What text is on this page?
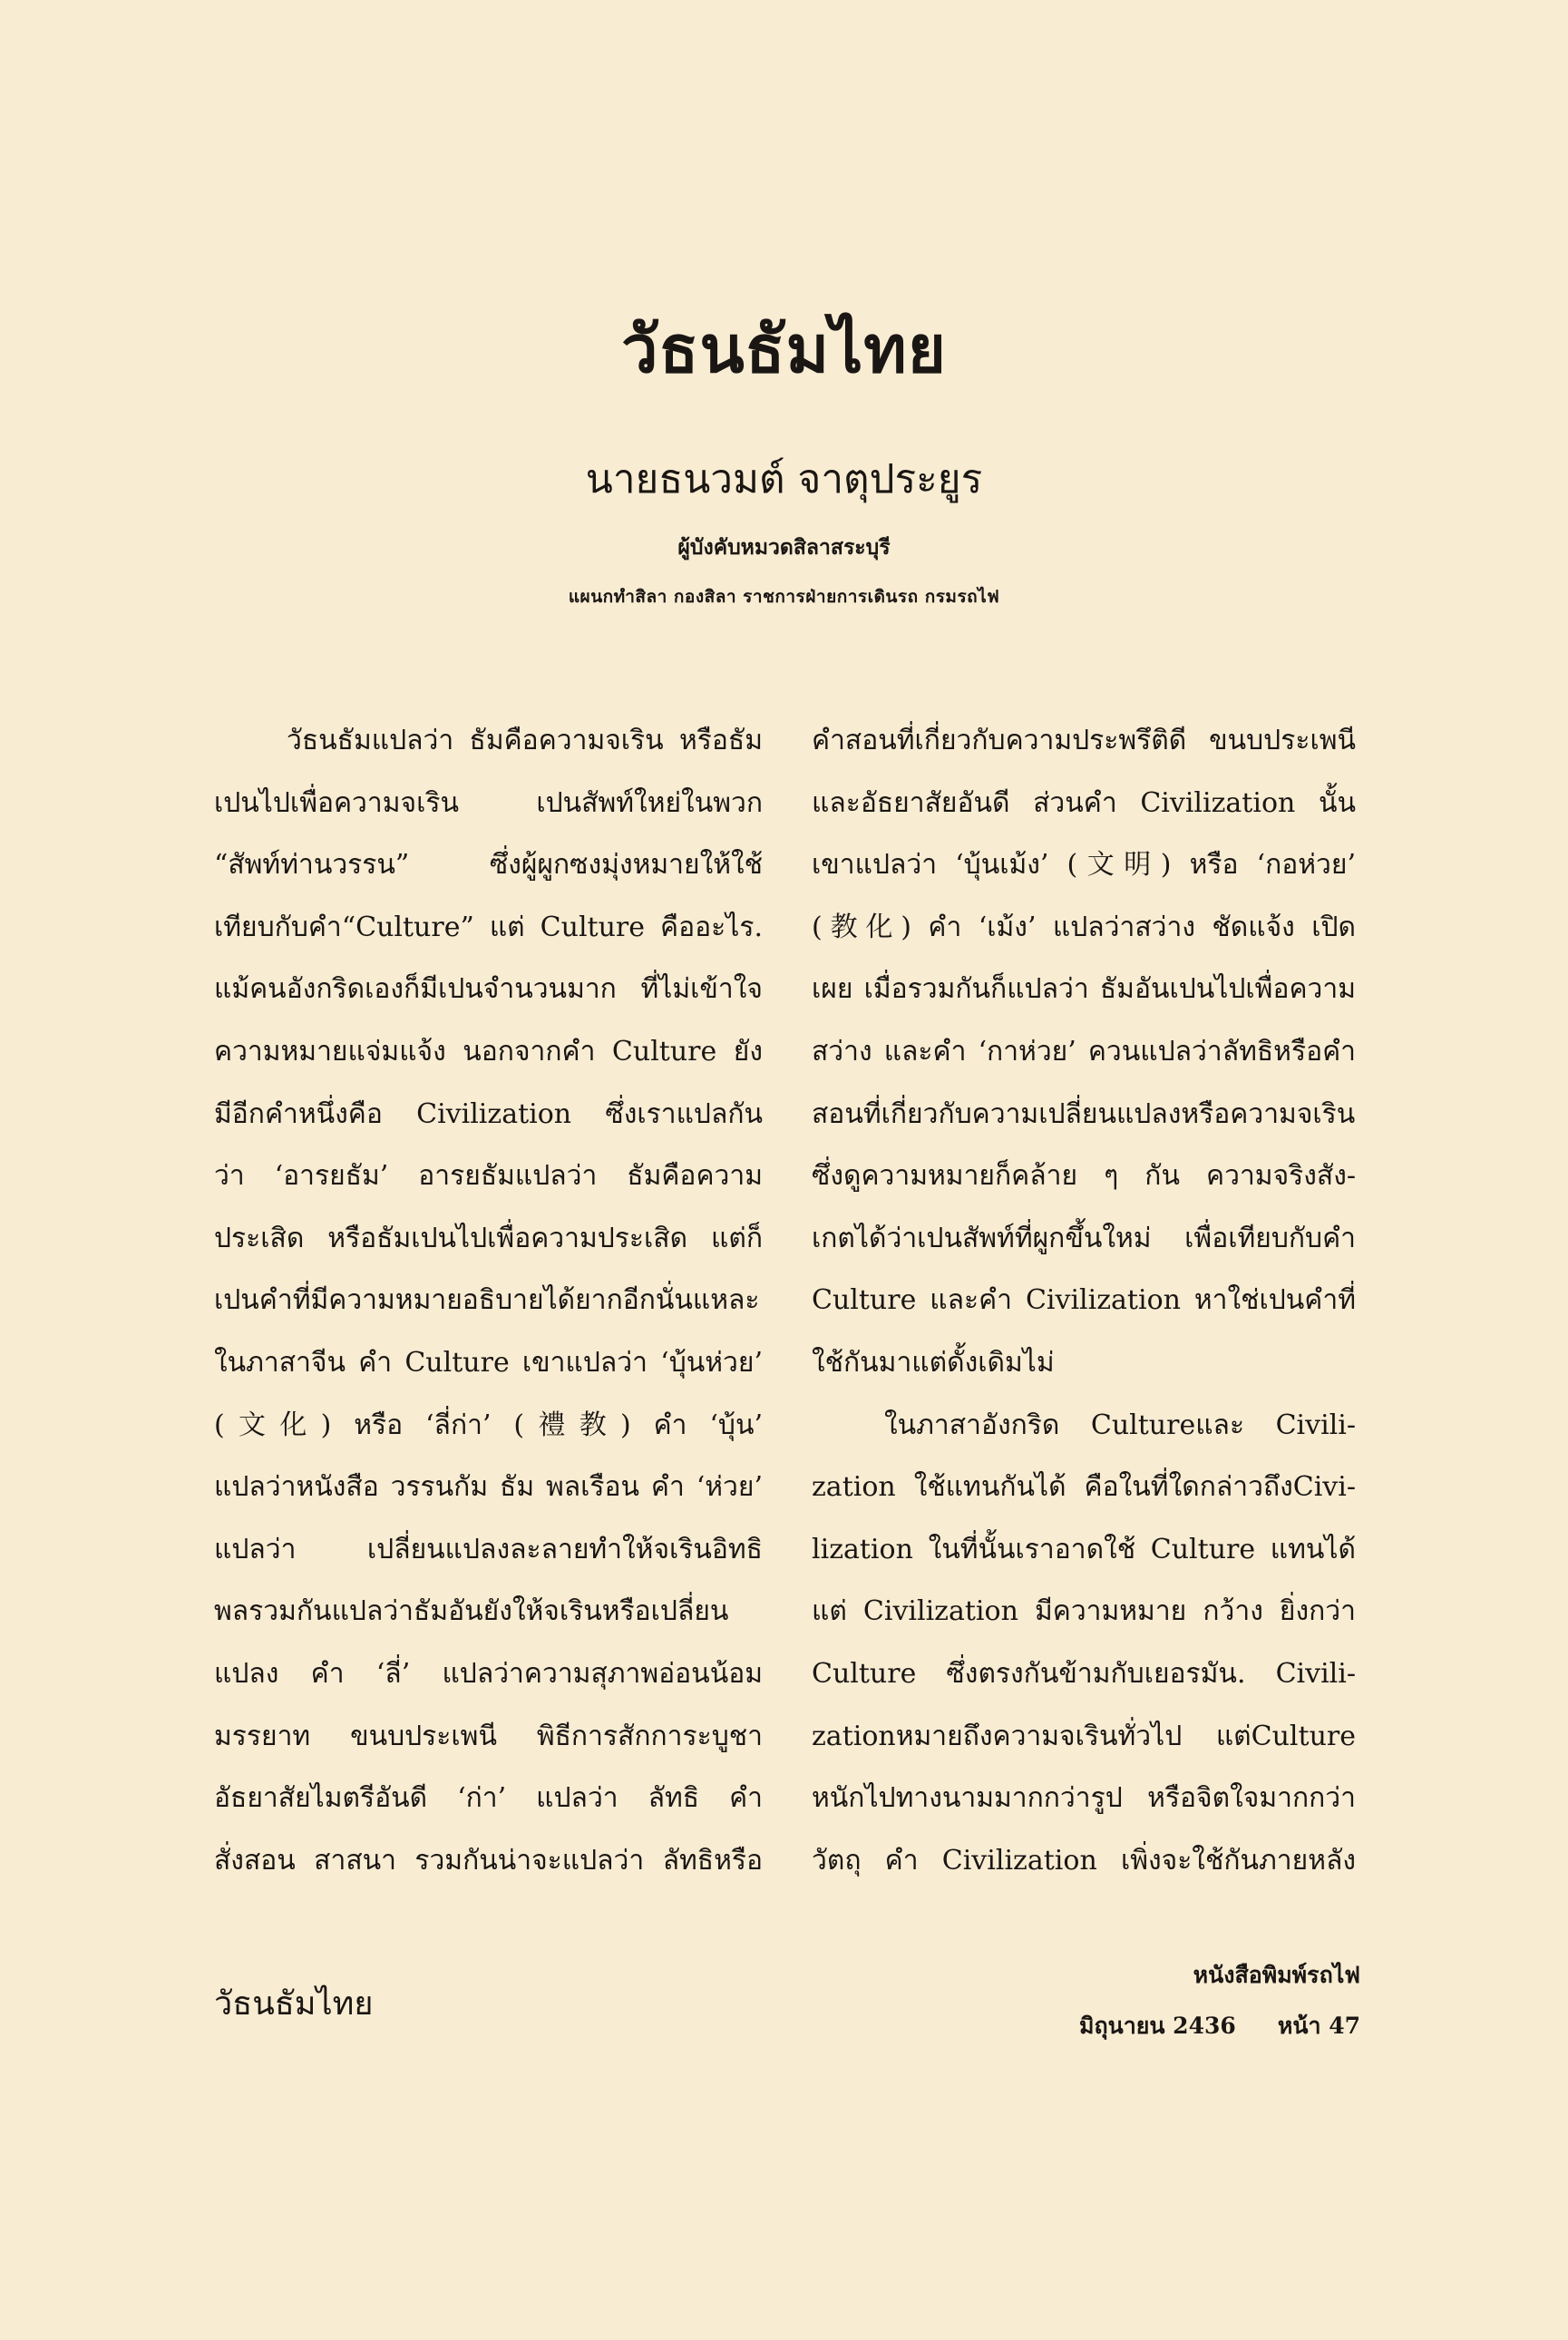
วัธนธัมไทย
นายธนวมต์ จาตุประยูร
ผู้บังคับหมวดสิลาสระบุรี
แผนกทำสิลา กองสิลา ราชการฝ่ายการเดินรถ กรมรถไฟ
วัธนธัมแปลว่า ธัมคือความจเริน หรือธัม
เปนไปเพื่อความจเริน เปนสัพท์ใหย่ในพวก
“สัพท์ท่านวรรน” ซึ่งผู้ผูกซงมุ่งหมายให้ใช้
เทียบกับคำ“Culture” แต่ Culture คืออะไร.
แม้คนอังกริดเองก็มีเปนจำนวนมาก ที่ไม่เข้าใจ
ความหมายแจ่มแจ้ง นอกจากคำ Culture ยัง
มีอีกคำหนึ่งคือ Civilization ซึ่งเราแปลกัน
ว่า ‘อารยธัม’ อารยธัมแปลว่า ธัมคือความ
ประเสิด หรือธัมเปนไปเพื่อความประเสิด แต่ก็
เปนคำที่มีความหมายอธิบายได้ยากอีกนั่นแหละ
ในภาสาจีน คำ Culture เขาแปลว่า ‘บุ้นห่วย’
(文化) หรือ ‘ลี่ก่า’ (禮教) คำ ‘บุ้น’
แปลว่าหนังสือ วรรนกัม ธัม พลเรือน คำ ‘ห่วย’
แปลว่า เปลี่ยนแปลงละลายทำให้จเรินอิทธิ
พลรวมกันแปลว่าธัมอันยังให้จเรินหรือเปลี่ยน
แปลง คำ ‘ลี่’ แปลว่าความสุภาพอ่อนน้อม
มรรยาท ขนบประเพนี พิธีการสักการะบูชา
อัธยาสัยไมตรีอันดี ‘ก่า’ แปลว่า ลัทธิ คำ
สั่งสอน สาสนา รวมกันน่าจะแปลว่า ลัทธิหรือ
คำสอนที่เกี่ยวกับความประพรึติดี ขนบประเพนี
และอัธยาสัยอันดี ส่วนคำ Civilization นั้น
เขาแปลว่า ‘บุ้นเม้ง’ (文明) หรือ ‘กอห่วย’
(教化) คำ ‘เม้ง’ แปลว่าสว่าง ชัดแจ้ง เปิด
เผย เมื่อรวมกันก็แปลว่า ธัมอันเปนไปเพื่อความ
สว่าง และคำ ‘กาห่วย’ ควนแปลว่าลัทธิหรือคำ
สอนที่เกี่ยวกับความเปลี่ยนแปลงหรือความจเริน
ซึ่งดูความหมายก็คล้าย ๆ กัน ความจริงสัง-
เกตได้ว่าเปนสัพท์ที่ผูกขึ้นใหม่ เพื่อเทียบกับคำ
Culture และคำ Civilization หาใช่เปนคำที่
ใช้กันมาแต่ดั้งเดิมไม่
ในภาสาอังกริด Cultureและ Civili-
zation ใช้แทนกันได้ คือในที่ใดกล่าวถึงCivi-
lization ในที่นั้นเราอาดใช้ Culture แทนได้
แต่ Civilization มีความหมาย กว้าง ยิ่งกว่า
Culture ซึ่งตรงกันข้ามกับเยอรมัน. Civili-
zationหมายถึงความจเรินทั่วไป แต่Culture
หนักไปทางนามมากกว่ารูป หรือจิตใจมากกว่า
วัตถุ คำ Civilization เพิ่งจะใช้กันภายหลัง
วัธนธัมไทย
หนังสือพิมพ์รถไฟ
มิถุนายน 2436 หน้า 47
